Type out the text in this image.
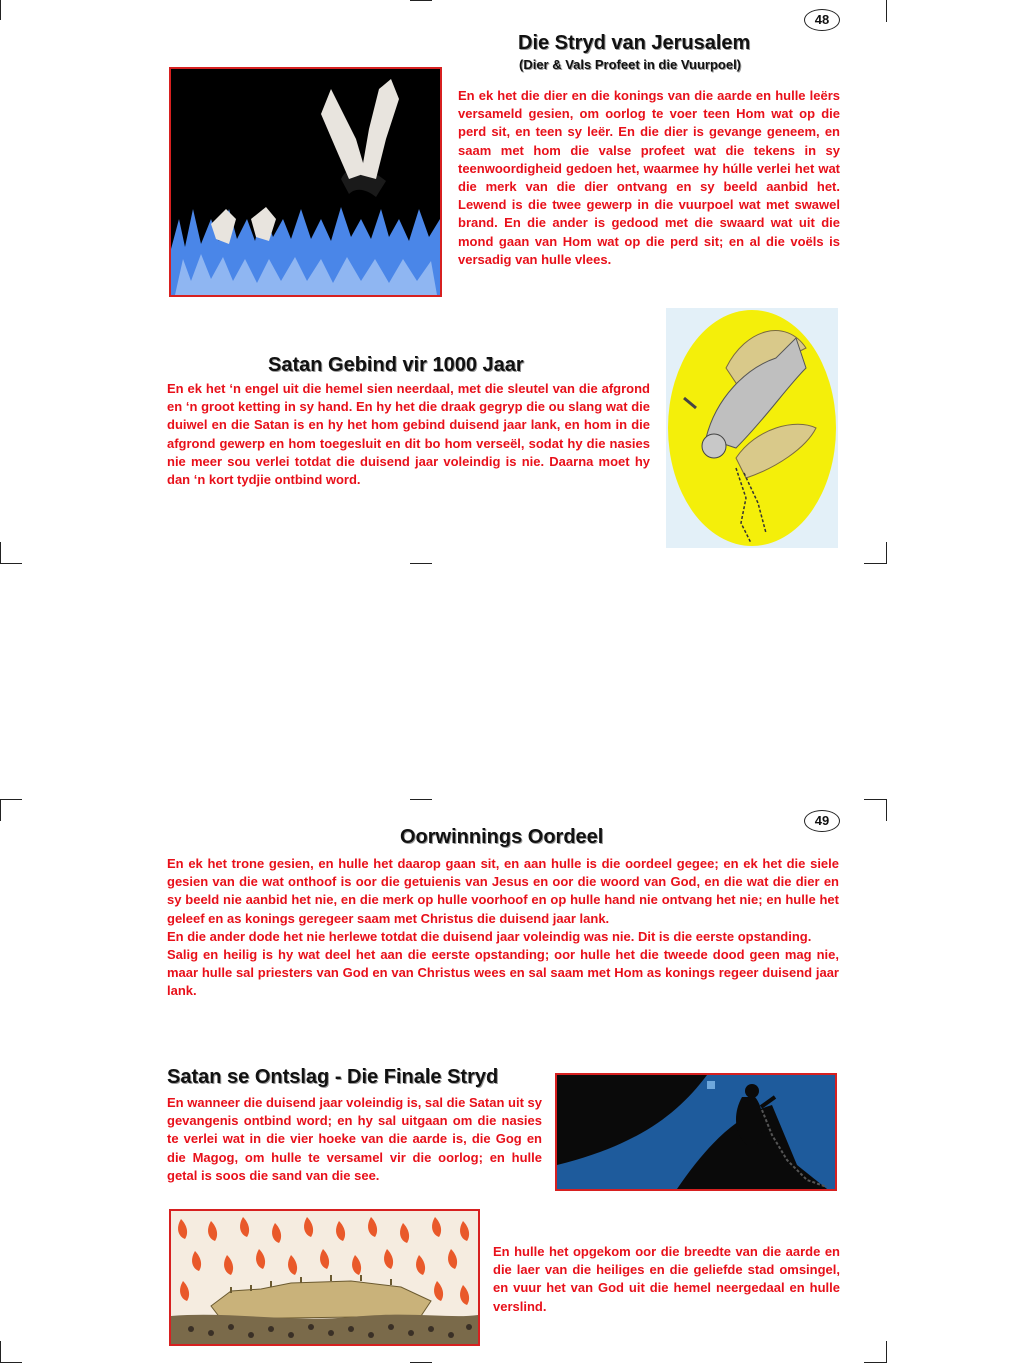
48
Die Stryd van Jerusalem
(Dier & Vals Profeet in die Vuurpoel)
En ek het die dier en die konings van die aarde en hulle leërs versameld gesien, om oorlog te voer teen Hom wat op die perd sit, en teen sy leër. En die dier is gevange geneem, en saam met hom die valse profeet wat die tekens in sy teenwoordigheid gedoen het, waarmee hy húlle verlei het wat die merk van die dier ontvang en sy beeld aanbid het. Lewend is die twee gewerp in die vuurpoel wat met swawel brand. En die ander is gedood met die swaard wat uit die mond gaan van Hom wat op die perd sit; en al die voëls is versadig van hulle vlees.
Satan Gebind vir 1000 Jaar
En ek het ‘n engel uit die hemel sien neerdaal, met die sleutel van die afgrond en ‘n groot ketting in sy hand. En hy het die draak gegryp die ou slang wat die duiwel en die Satan is en hy het hom gebind duisend jaar lank, en hom in die afgrond gewerp en hom toegesluit en dit bo hom verseël, sodat hy die nasies nie meer sou verlei totdat die duisend jaar voleindig is nie. Daarna moet hy dan ‘n kort tydjie ontbind word.
49
Oorwinnings Oordeel

En ek het trone gesien, en hulle het daarop gaan sit, en aan hulle is die oordeel gegee; en ek het die siele gesien van die wat onthoof is oor die getuienis van Jesus en oor die woord van God, en die wat die dier en sy beeld nie aanbid het nie, en die merk op hulle voorhoof en op hulle hand nie ontvang het nie; en hulle het geleef en as konings geregeer saam met Christus die duisend jaar lank.

En die ander dode het nie herlewe totdat die duisend jaar voleindig was nie. Dit is die eerste opstanding.

Salig en heilig is hy wat deel het aan die eerste opstanding; oor hulle het die tweede dood geen mag nie, maar hulle sal priesters van God en van Christus wees en sal saam met Hom as konings regeer duisend jaar lank.

Satan se Ontslag - Die Finale Stryd
En wanneer die duisend jaar voleindig is, sal die Satan uit sy gevangenis ontbind word; en hy sal uitgaan om die nasies te verlei wat in die vier hoeke van die aarde is, die Gog en die Magog, om hulle te versamel vir die oorlog; en hulle getal is soos die sand van die see.
En hulle het opgekom oor die breedte van die aarde en die laer van die heiliges en die geliefde stad omsingel, en vuur het van God uit die hemel neergedaal en hulle verslind.
